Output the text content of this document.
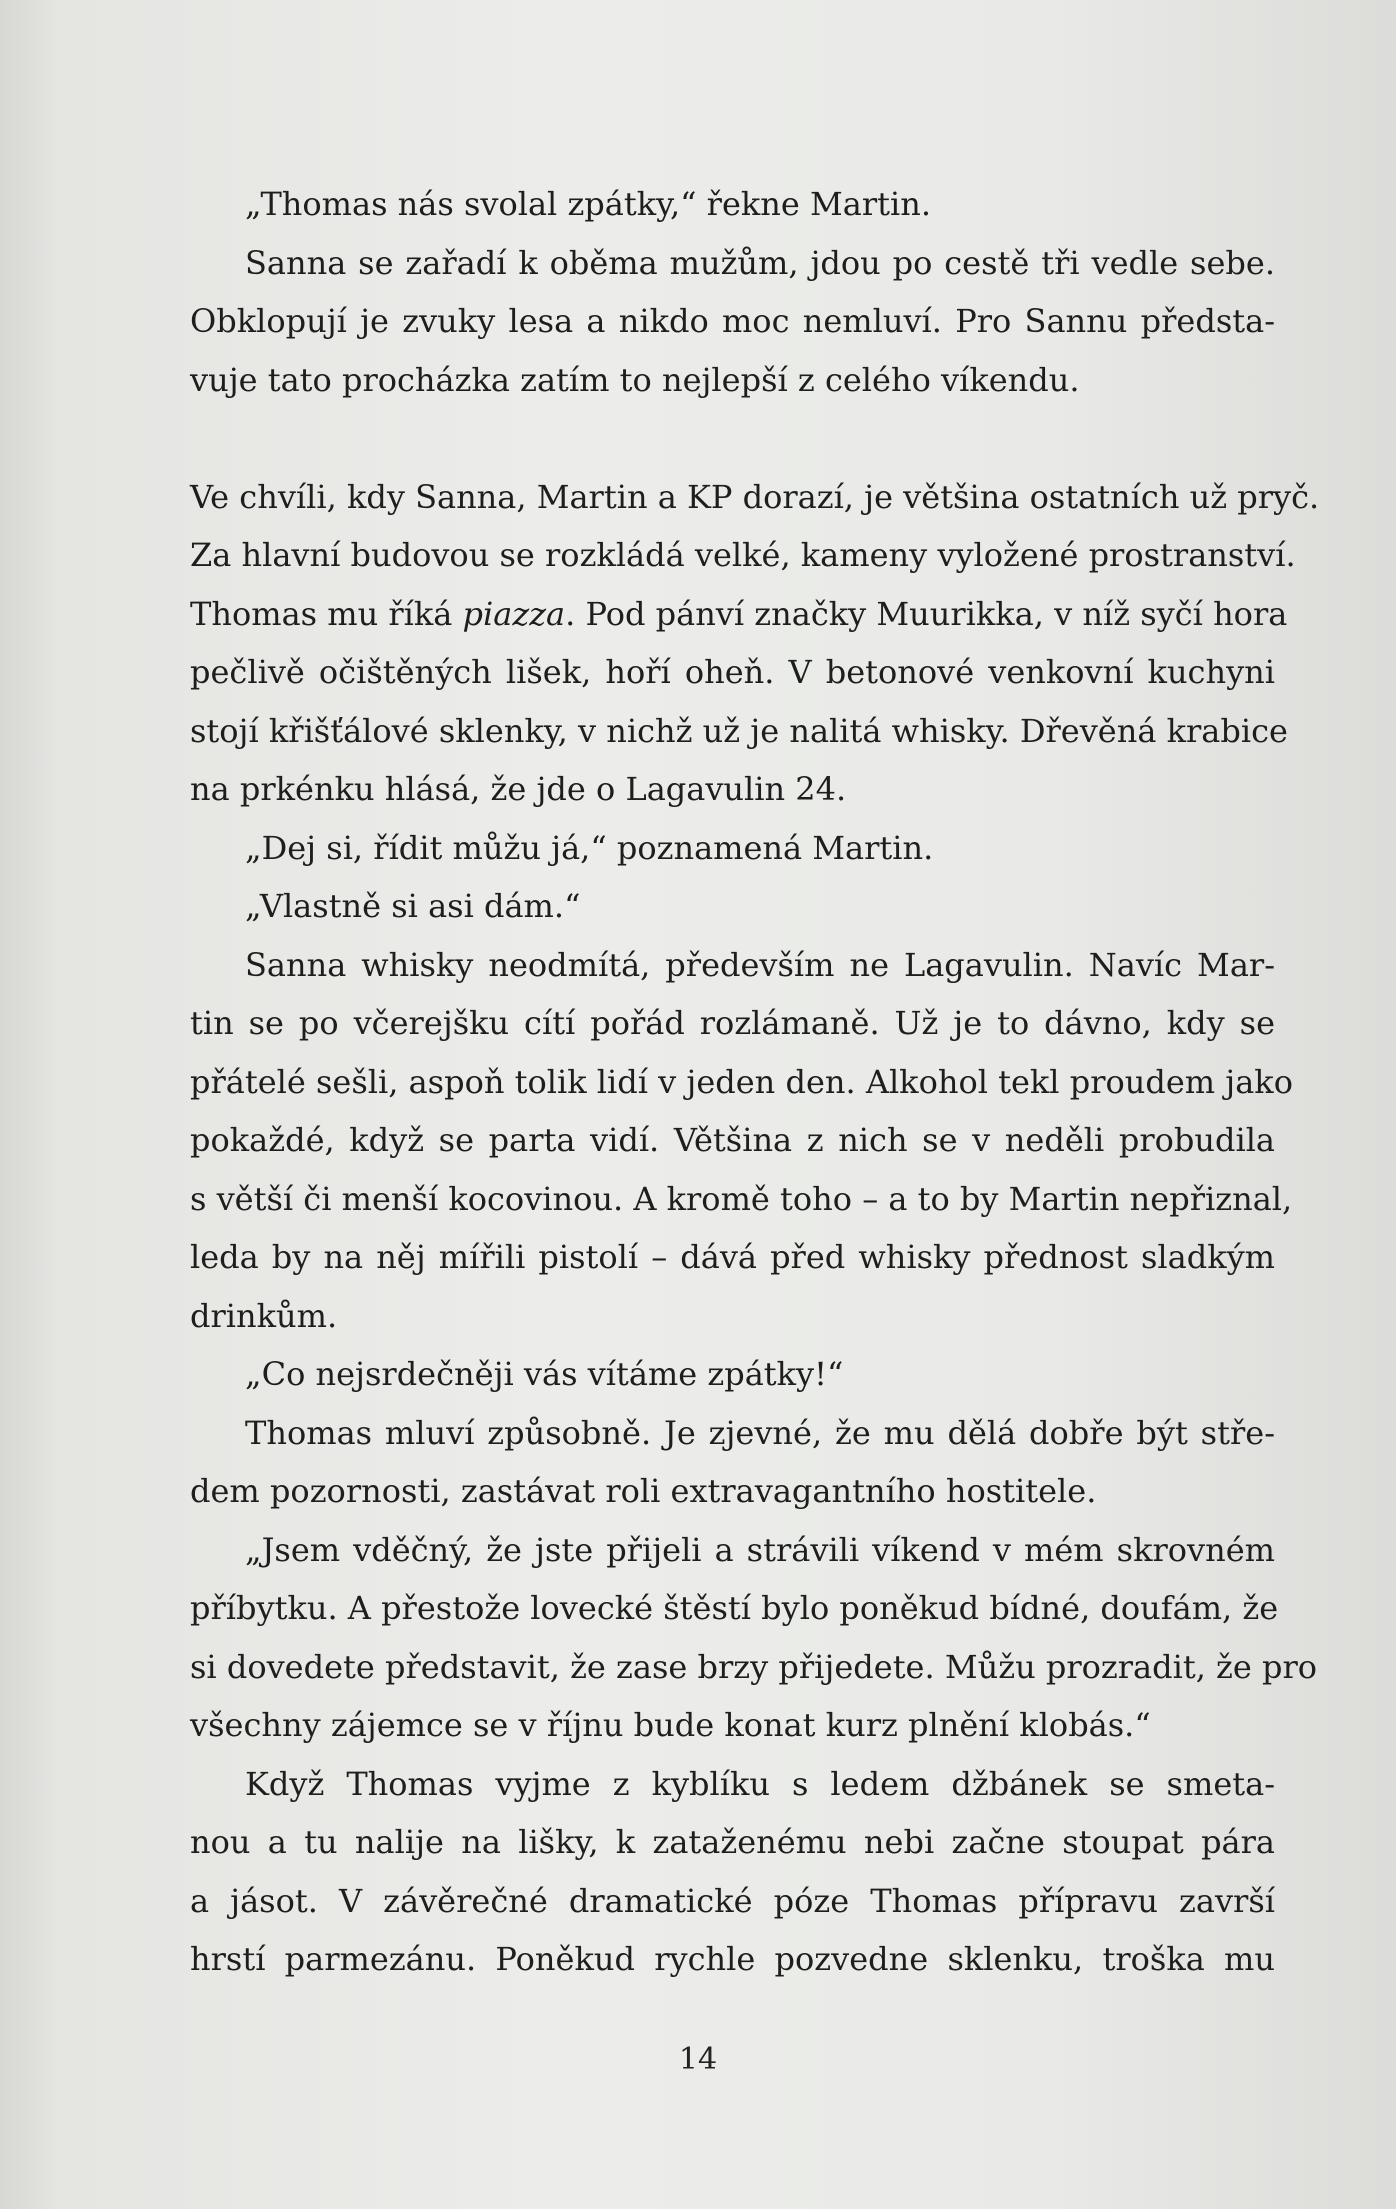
„Thomas nás svolal zpátky,“ řekne Martin.
Sanna se zařadí k oběma mužům, jdou po cestě tři vedle sebe.
Obklopují je zvuky lesa a nikdo moc nemluví. Pro Sannu předsta-
vuje tato procházka zatím to nejlepší z celého víkendu.
Ve chvíli, kdy Sanna, Martin a KP dorazí, je většina ostatních už pryč.
Za hlavní budovou se rozkládá velké, kameny vyložené prostranství.
Thomas mu říká piazza. Pod pánví značky Muurikka, v níž syčí hora
pečlivě očištěných lišek, hoří oheň. V betonové venkovní kuchyni
stojí křišťálové sklenky, v nichž už je nalitá whisky. Dřevěná krabice
na prkénku hlásá, že jde o Lagavulin 24.
„Dej si, řídit můžu já,“ poznamená Martin.
„Vlastně si asi dám.“
Sanna whisky neodmítá, především ne Lagavulin. Navíc Mar-
tin se po včerejšku cítí pořád rozlámaně. Už je to dávno, kdy se
přátelé sešli, aspoň tolik lidí v jeden den. Alkohol tekl proudem jako
pokaždé, když se parta vidí. Většina z nich se v neděli probudila
s větší či menší kocovinou. A kromě toho – a to by Martin nepřiznal,
leda by na něj mířili pistolí – dává před whisky přednost sladkým
drinkům.
„Co nejsrdečněji vás vítáme zpátky!“
Thomas mluví způsobně. Je zjevné, že mu dělá dobře být stře-
dem pozornosti, zastávat roli extravagantního hostitele.
„Jsem vděčný, že jste přijeli a strávili víkend v mém skrovném
příbytku. A přestože lovecké štěstí bylo poněkud bídné, doufám, že
si dovedete představit, že zase brzy přijedete. Můžu prozradit, že pro
všechny zájemce se v říjnu bude konat kurz plnění klobás.“
Když Thomas vyjme z kyblíku s ledem džbánek se smeta-
nou a tu nalije na lišky, k zataženému nebi začne stoupat pára
a jásot. V závěrečné dramatické póze Thomas přípravu završí
hrstí parmezánu. Poněkud rychle pozvedne sklenku, troška mu
14
